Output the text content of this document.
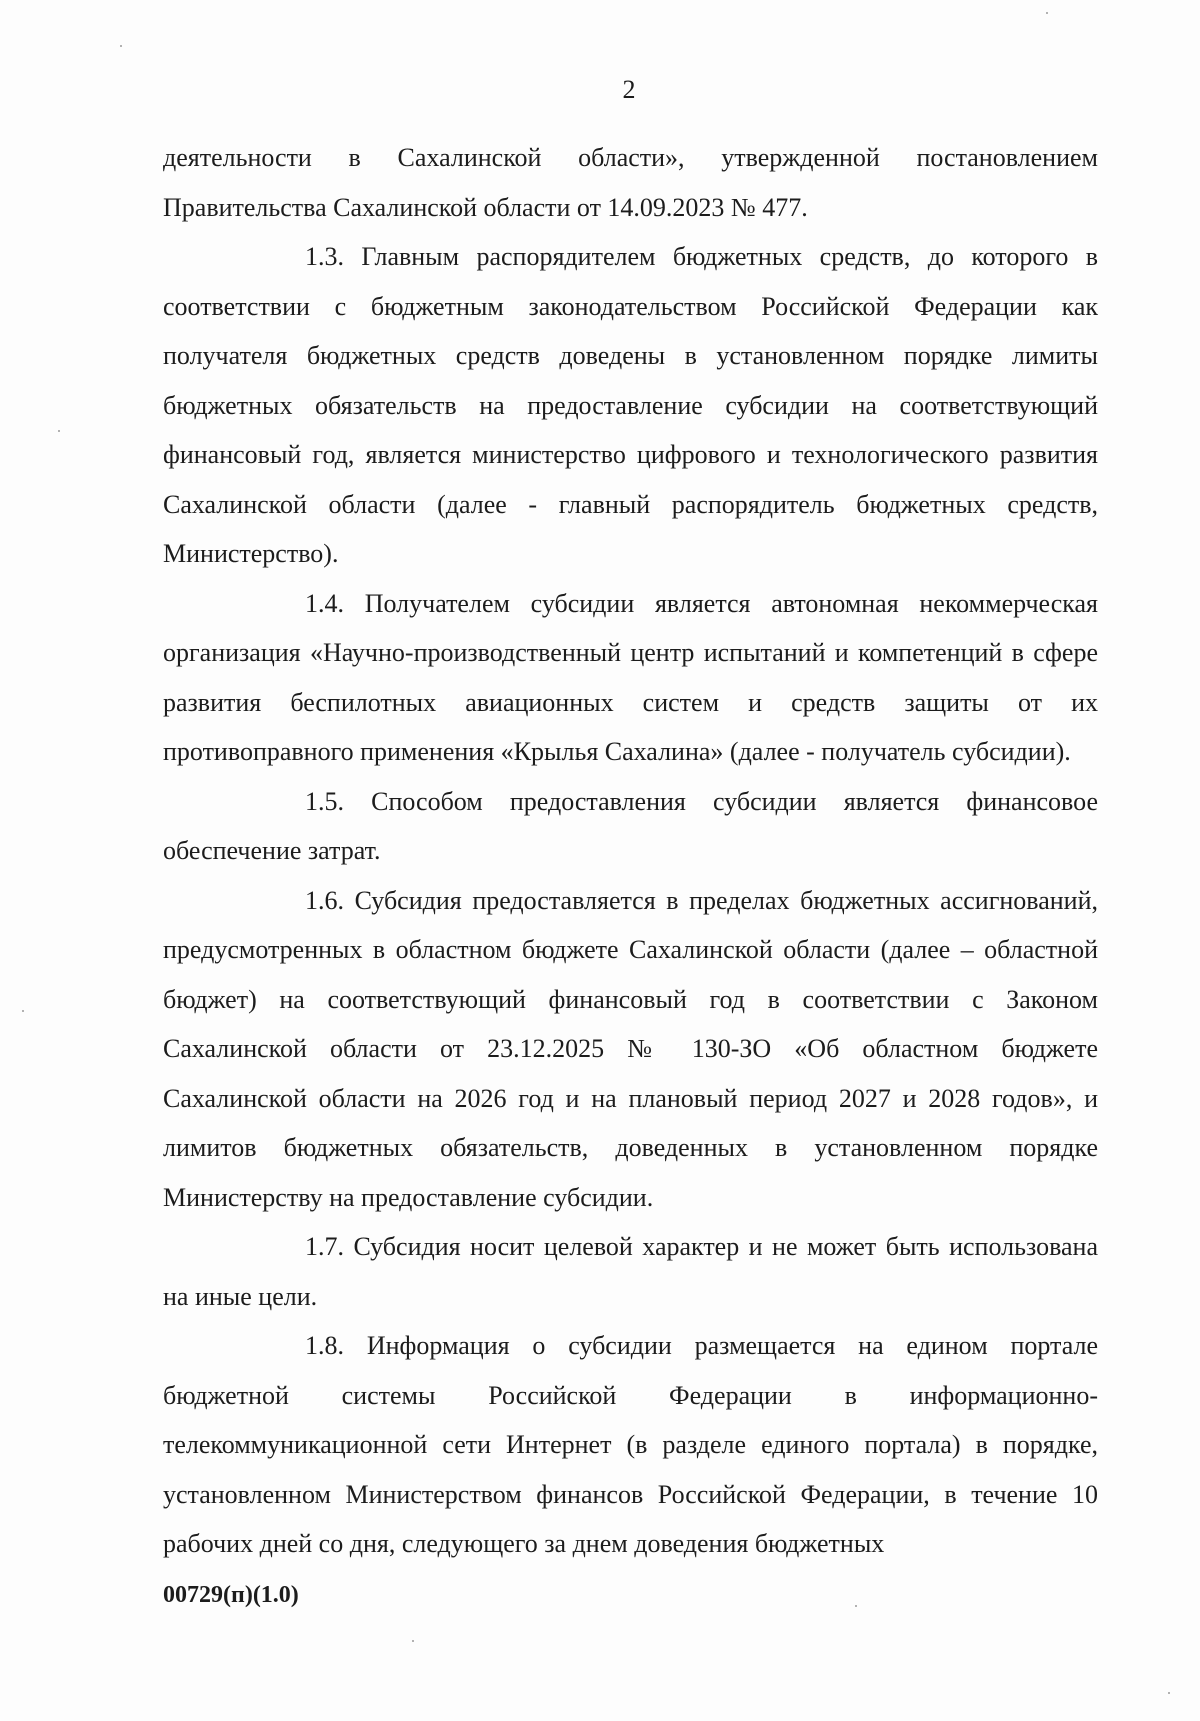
2

деятельности в Сахалинской области», утвержденной постановлением Правительства Сахалинской области от 14.09.2023 № 477.

1.3. Главным распорядителем бюджетных средств, до которого в соответствии с бюджетным законодательством Российской Федерации как получателя бюджетных средств доведены в установленном порядке лимиты бюджетных обязательств на предоставление субсидии на соответствующий финансовый год, является министерство цифрового и технологического развития Сахалинской области (далее - главный распорядитель бюджетных средств, Министерство).

1.4. Получателем субсидии является автономная некоммерческая организация «Научно-производственный центр испытаний и компетенций в сфере развития беспилотных авиационных систем и средств защиты от их противоправного применения «Крылья Сахалина» (далее - получатель субсидии).

1.5. Способом предоставления субсидии является финансовое обеспечение затрат.

1.6. Субсидия предоставляется в пределах бюджетных ассигнований, предусмотренных в областном бюджете Сахалинской области (далее – областной бюджет) на соответствующий финансовый год в соответствии с Законом Сахалинской области от 23.12.2025 № 130-ЗО «Об областном бюджете Сахалинской области на 2026 год и на плановый период 2027 и 2028 годов», и лимитов бюджетных обязательств, доведенных в установленном порядке Министерству на предоставление субсидии.

1.7. Субсидия носит целевой характер и не может быть использована на иные цели.

1.8. Информация о субсидии размещается на едином портале бюджетной системы Российской Федерации в информационно-телекоммуникационной сети Интернет (в разделе единого портала) в порядке, установленном Министерством финансов Российской Федерации, в течение 10 рабочих дней со дня, следующего за днем доведения бюджетных

00729(п)(1.0)
